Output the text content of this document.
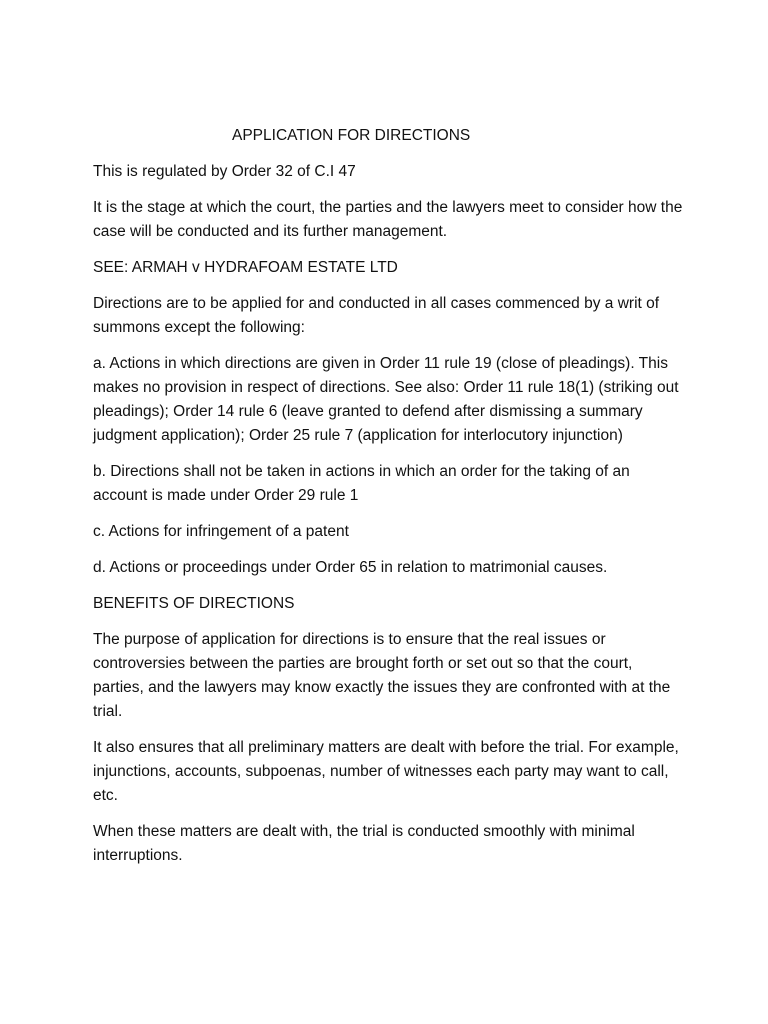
APPLICATION FOR DIRECTIONS

This is regulated by Order 32 of C.I 47

It is the stage at which the court, the parties and the lawyers meet to consider how the case will be conducted and its further management.

SEE: ARMAH v HYDRAFOAM ESTATE LTD

Directions are to be applied for and conducted in all cases commenced by a writ of summons except the following:

a. Actions in which directions are given in Order 11 rule 19 (close of pleadings). This makes no provision in respect of directions. See also: Order 11 rule 18(1) (striking out pleadings); Order 14 rule 6 (leave granted to defend after dismissing a summary judgment application); Order 25 rule 7 (application for interlocutory injunction)

b. Directions shall not be taken in actions in which an order for the taking of an account is made under Order 29 rule 1

c. Actions for infringement of a patent

d. Actions or proceedings under Order 65 in relation to matrimonial causes.

BENEFITS OF DIRECTIONS

The purpose of application for directions is to ensure that the real issues or controversies between the parties are brought forth or set out so that the court, parties, and the lawyers may know exactly the issues they are confronted with at the trial.

It also ensures that all preliminary matters are dealt with before the trial. For example, injunctions, accounts, subpoenas, number of witnesses each party may want to call, etc.

When these matters are dealt with, the trial is conducted smoothly with minimal interruptions.
